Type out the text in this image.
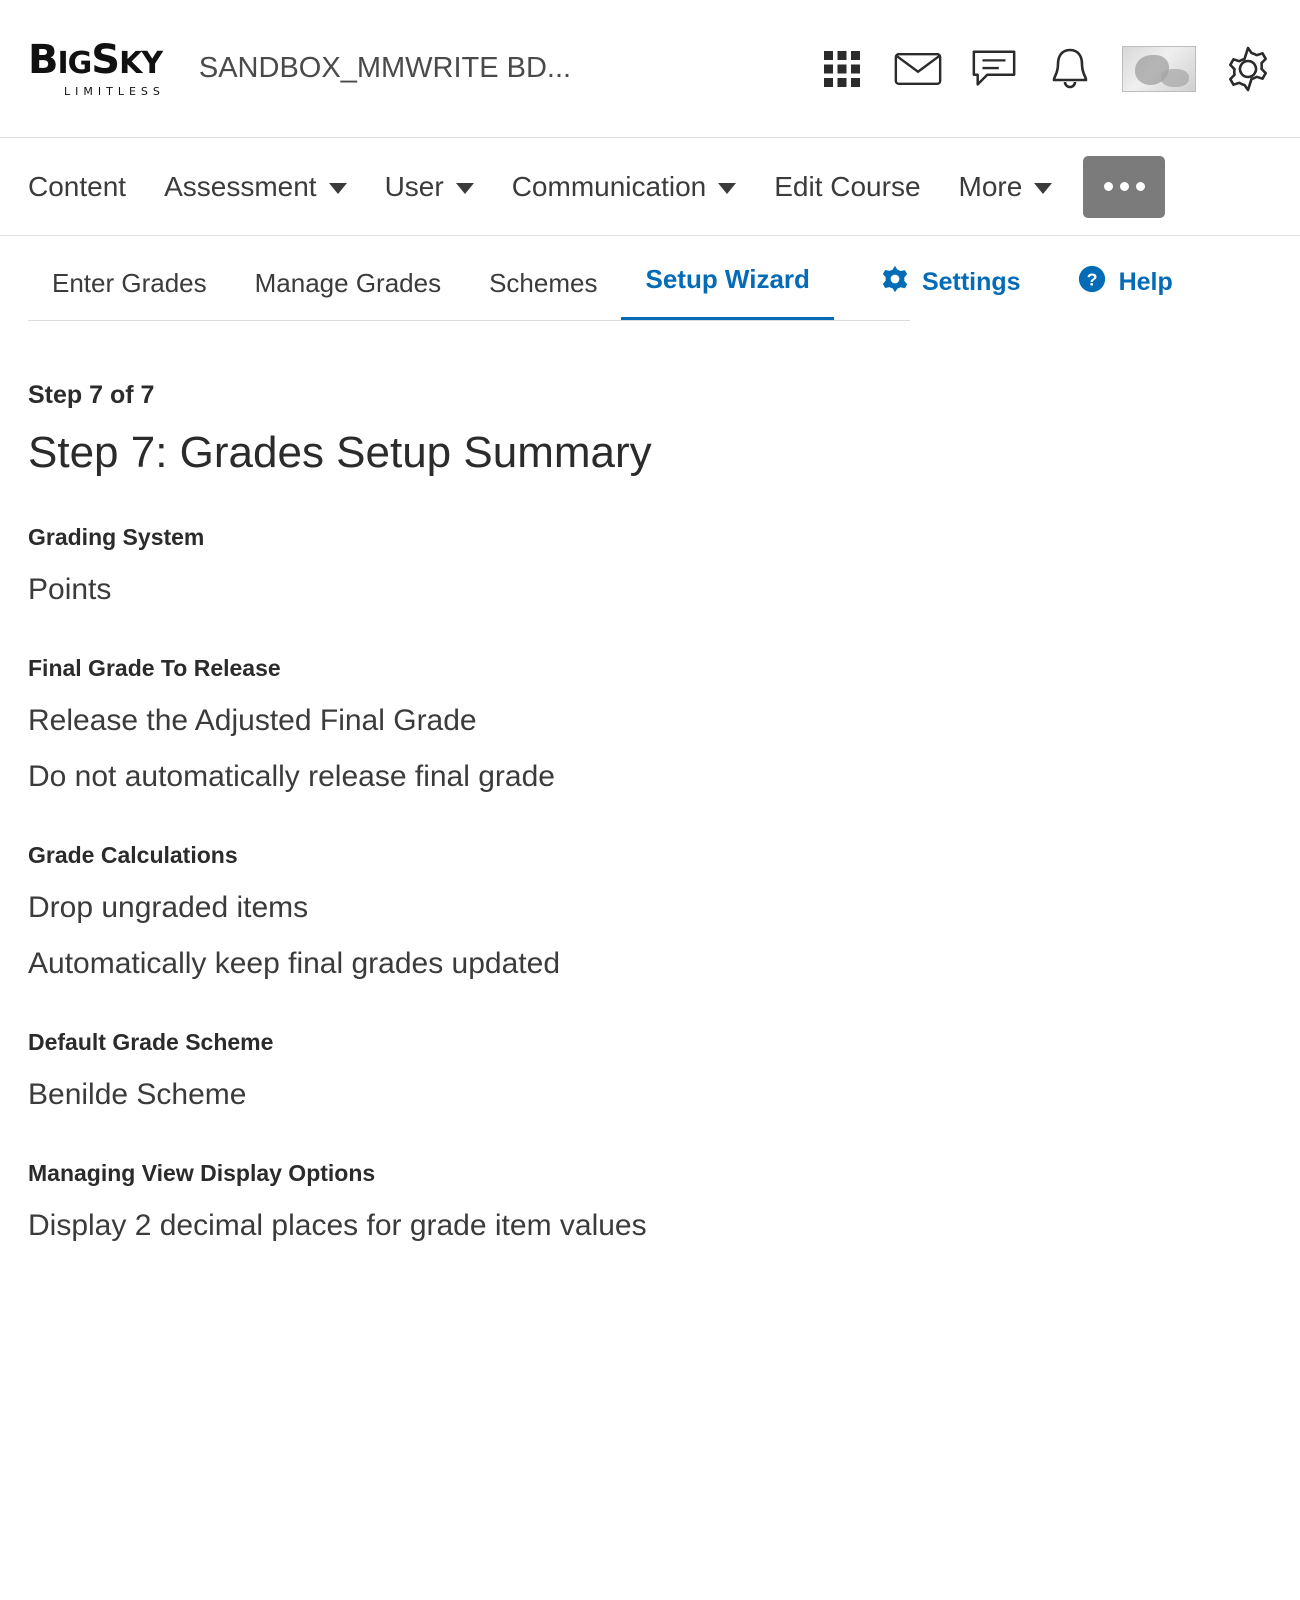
BIGSKY
LIMITLESS
SANDBOX_MMWRITE BD...
Content Assessment User Communication Edit Course More
Enter Grades	Manage Grades	Schemes	Setup Wizard	Settings	? Help
Step 7 of 7
Step 7: Grades Setup Summary
Grading System
Points
Final Grade To Release
Release the Adjusted Final Grade
Do not automatically release final grade
Grade Calculations
Drop ungraded items
Automatically keep final grades updated
Default Grade Scheme
Benilde Scheme
Managing View Display Options
Display 2 decimal places for grade item values
